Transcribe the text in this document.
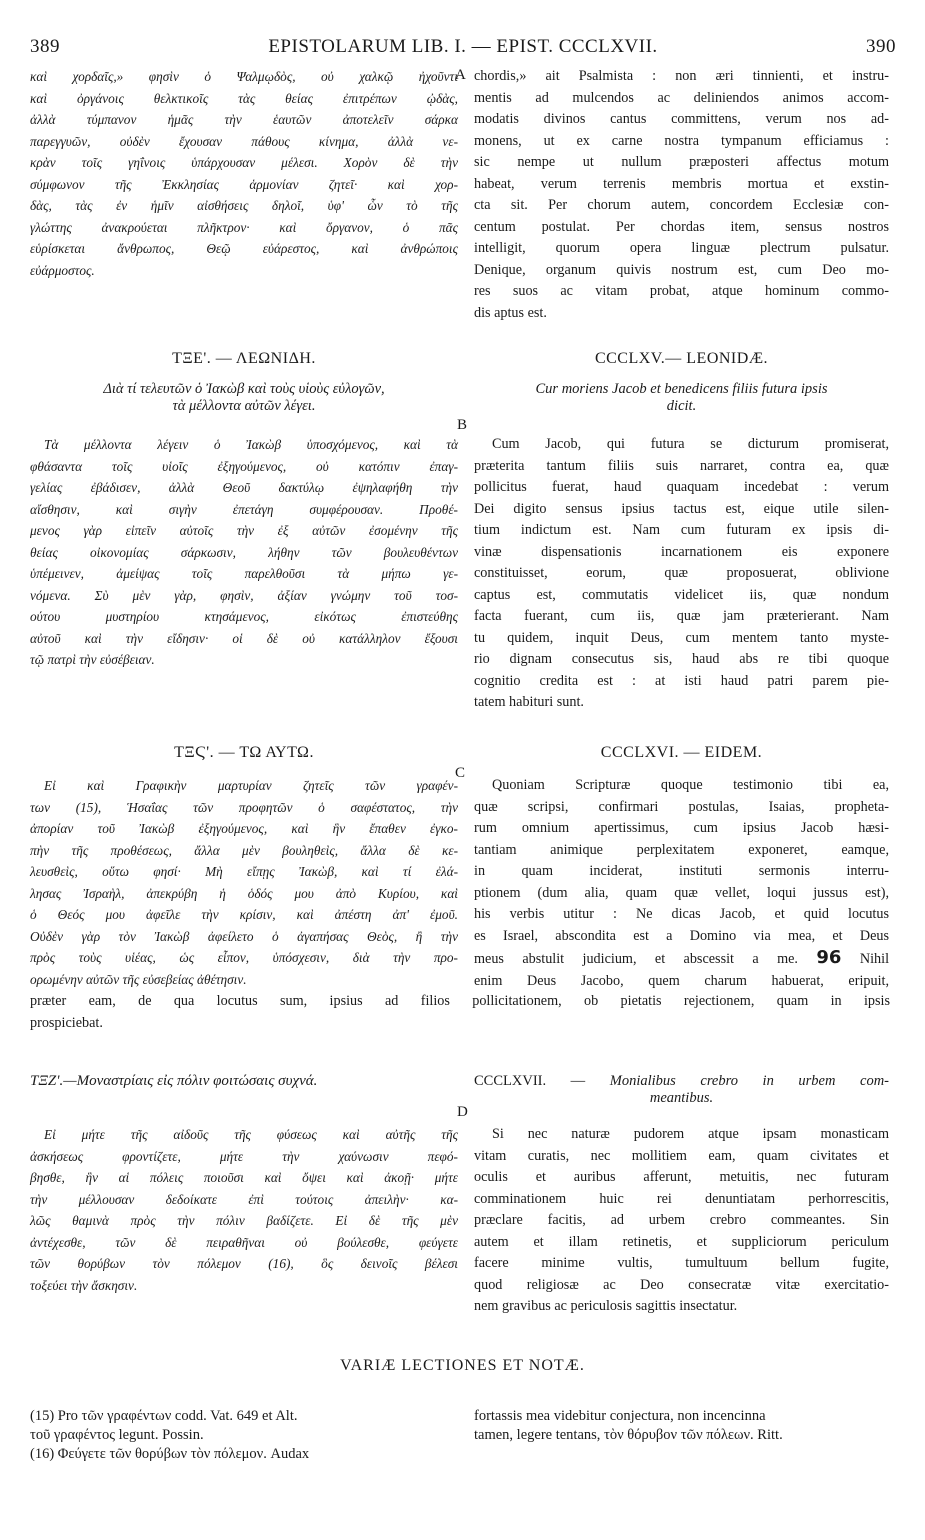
389	EPISTOLARUM LIB. I. — EPIST. CCCLXVII.	390
A
B
C
D
καὶ χορδαῖς,» φησὶν ὁ Ψαλμῳδὸς, οὐ χαλκῷ ἠχοῦντι
καὶ ὀργάνοις θελκτικοῖς τὰς θείας ἐπιτρέπων ᾠδὰς,
ἀλλὰ τύμπανον ἡμᾶς τὴν ἑαυτῶν ἀποτελεῖν σάρκα
παρεγγυῶν, οὐδὲν ἔχουσαν πάθους κίνημα, ἀλλὰ νε-
κρὰν τοῖς γηΐνοις ὑπάρχουσαν μέλεσι. Χορὸν δὲ τὴν
σύμφωνον τῆς Ἐκκλησίας ἁρμονίαν ζητεῖ· καὶ χορ-
δὰς, τὰς ἐν ἡμῖν αἰσθήσεις δηλοῖ, ὑφ' ὧν τὸ τῆς
γλώττης ἀνακρούεται πλῆκτρον· καὶ ὄργανον, ὁ πᾶς
εὑρίσκεται ἄνθρωπος, Θεῷ εὐάρεστος, καὶ ἀνθρώποις
εὐάρμοστος.
chordis,» ait Psalmista : non æri tinnienti, et instru-
mentis ad mulcendos ac deliniendos animos accom-
modatis divinos cantus committens, verum nos ad-
monens, ut ex carne nostra tympanum efficiamus :
sic nempe ut nullum præposteri affectus motum
habeat, verum terrenis membris mortua et exstin-
cta sit. Per chorum autem, concordem Ecclesiæ con-
centum postulat. Per chordas item, sensus nostros
intelligit, quorum opera linguæ plectrum pulsatur.
Denique, organum quivis nostrum est, cum Deo mo-
res suos ac vitam probat, atque hominum commo-
dis aptus est.
ΤΞΕ'. — ΛΕΩΝΙΔΗ.	CCCLXV.— LEONIDÆ.
Διὰ τί τελευτῶν ὁ Ἰακὼβ καὶ τοὺς υἱοὺς εὐλογῶν,
τὰ μέλλοντα αὐτῶν λέγει.
Cur moriens Jacob et benedicens filiis futura ipsis
dicit.
Τὰ μέλλοντα λέγειν ὁ Ἰακὼβ ὑποσχόμενος, καὶ τὰ
φθάσαντα τοῖς υἱοῖς ἐξηγούμενος, οὐ κατόπιν ἐπαγ-
γελίας ἐβάδισεν, ἀλλὰ Θεοῦ δακτύλῳ ἐψηλαφήθη τὴν
αἴσθησιν, καὶ σιγὴν ἐπετάγη συμφέρουσαν. Προθέ-
μενος γὰρ εἰπεῖν αὐτοῖς τὴν ἐξ αὐτῶν ἐσομένην τῆς
θείας οἰκονομίας σάρκωσιν, λήθην τῶν βουλευθέντων
ὑπέμεινεν, ἀμείψας τοῖς παρελθοῦσι τὰ μήπω γε-
νόμενα. Σὺ μὲν γὰρ, φησὶν, ἀξίαν γνώμην τοῦ τοσ-
ούτου μυστηρίου κτησάμενος, εἰκότως ἐπιστεύθης
αὐτοῦ καὶ τὴν εἴδησιν· οἱ δὲ οὐ κατάλληλον ἔξουσι
τῷ πατρὶ τὴν εὐσέβειαν.
Cum Jacob, qui futura se dicturum promiserat,
præterita tantum filiis suis narraret, contra ea, quæ
pollicitus fuerat, haud quaquam incedebat : verum
Dei digito sensus ipsius tactus est, eique utile silen-
tium indictum est. Nam cum futuram ex ipsis di-
vinæ dispensationis incarnationem eis exponere
constituisset, eorum, quæ proposuerat, oblivione
captus est, commutatis videlicet iis, quæ nondum
facta fuerant, cum iis, quæ jam præterierant. Nam
tu quidem, inquit Deus, cum mentem tanto myste-
rio dignam consecutus sis, haud abs re tibi quoque
cognitio credita est : at isti haud patri parem pie-
tatem habituri sunt.
ΤΞϚ'. — ΤΩ ΑΥΤΩ.	CCCLXVI. — EIDEM.
Εἰ καὶ Γραφικὴν μαρτυρίαν ζητεῖς τῶν γραφέν-
των (15), Ἡσαΐας τῶν προφητῶν ὁ σαφέστατος, τὴν
ἀπορίαν τοῦ Ἰακὼβ ἐξηγούμενος, καὶ ἣν ἔπαθεν ἐγκο-
πὴν τῆς προθέσεως, ἄλλα μὲν βουληθεὶς, ἄλλα δὲ κε-
λευσθεὶς, οὕτω φησί· Μὴ εἴπῃς Ἰακὼβ, καὶ τί ἐλά-
λησας Ἰσραὴλ, ἀπεκρύβη ἡ ὁδός μου ἀπὸ Κυρίου, καὶ
ὁ Θεός μου ἀφεῖλε τὴν κρίσιν, καὶ ἀπέστη ἀπ' ἐμοῦ.
Οὐδὲν γὰρ τὸν Ἰακὼβ ἀφείλετο ὁ ἀγαπήσας Θεὸς, ἢ τὴν
πρὸς τοὺς υἱέας, ὡς εἶπον, ὑπόσχεσιν, διὰ τὴν προ-
ορωμένην αὐτῶν τῆς εὐσεβείας ἀθέτησιν.
Quoniam Scripturæ quoque testimonio tibi ea,
quæ scripsi, confirmari postulas, Isaias, propheta-
rum omnium apertissimus, cum ipsius Jacob hæsi-
tantiam animique perplexitatem exponeret, eamque,
in quam inciderat, instituti sermonis interru-
ptionem (dum alia, quam quæ vellet, loqui jussus est),
his verbis utitur : Ne dicas Jacob, et quid locutus
es Israel, abscondita est a Domino via mea, et Deus
meus abstulit judicium, et abscessit a me. 96 Nihil
enim Deus Jacobo, quem charum habuerat, eripuit,
præter eam, de qua locutus sum, ipsius ad filios pollicitationem, ob pietatis rejectionem, quam in ipsis
prospiciebat.
ΤΞΖ'.—Μοναστρίαις εἰς πόλιν φοιτώσαις συχνά.	CCCLXVII. — Monialibus crebro in urbem com-
meantibus.
Εἰ μήτε τῆς αἰδοῦς τῆς φύσεως καὶ αὐτῆς τῆς
ἀσκήσεως φροντίζετε, μήτε τὴν χαύνωσιν πεφό-
βησθε, ἣν αἱ πόλεις ποιοῦσι καὶ ὄψει καὶ ἀκοῇ· μήτε
τὴν μέλλουσαν δεδοίκατε ἐπὶ τούτοις ἀπειλὴν· κα-
λῶς θαμινὰ πρὸς τὴν πόλιν βαδίζετε. Εἰ δὲ τῆς μὲν
ἀντέχεσθε, τῶν δὲ πειραθῆναι οὐ βούλεσθε, φεύγετε
τῶν θορύβων τὸν πόλεμον (16), ὃς δεινοῖς βέλεσι
τοξεύει τὴν ἄσκησιν.
Si nec naturæ pudorem atque ipsam monasticam
vitam curatis, nec mollitiem eam, quam civitates et
oculis et auribus afferunt, metuitis, nec futuram
comminationem huic rei denuntiatam perhorrescitis,
præclare facitis, ad urbem crebro commeantes. Sin
autem et illam retinetis, et suppliciorum periculum
facere minime vultis, tumultuum bellum fugite,
quod religiosæ ac Deo consecratæ vitæ exercitatio-
nem gravibus ac periculosis sagittis insectatur.
VARIÆ LECTIONES ET NOTÆ.
(15) Pro τῶν γραφέντων codd. Vat. 649 et Alt.
τοῦ γραφέντος legunt. Possin.
(16) Φεύγετε τῶν θορύβων τὸν πόλεμον. Audax
fortassis mea videbitur conjectura, non incencinna
tamen, legere tentans, τὸν θόρυβον τῶν πόλεων. Ritt.
